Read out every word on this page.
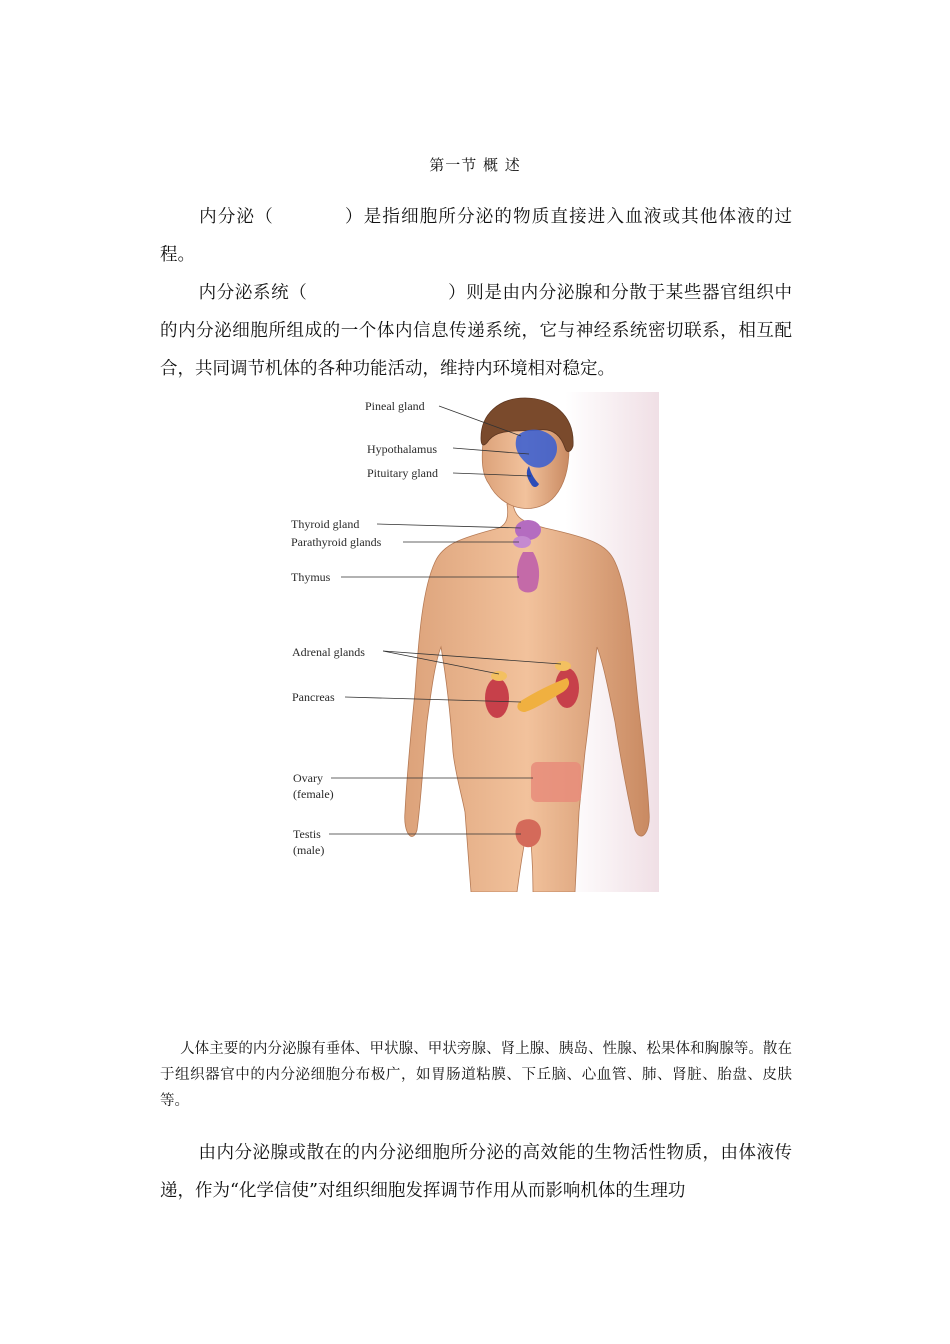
第一节 概 述
内分泌（	）是指细胞所分泌的物质直接进入血液或其他体液的过程。
内分泌系统（	）则是由内分泌腺和分散于某些器官组织中的内分泌细胞所组成的一个体内信息传递系统，它与神经系统密切联系，相互配合，共同调节机体的各种功能活动，维持内环境相对稳定。
Pineal gland
Hypothalamus
Pituitary gland
Thyroid gland
Parathyroid glands
Thymus
Adrenal glands
Pancreas
Ovary
(female)
Testis
(male)
人体主要的内分泌腺有垂体、甲状腺、甲状旁腺、肾上腺、胰岛、性腺、松果体和胸腺等。散在于组织器官中的内分泌细胞分布极广，如胃肠道粘膜、下丘脑、心血管、肺、肾脏、胎盘、皮肤等。
由内分泌腺或散在的内分泌细胞所分泌的高效能的生物活性物质，由体液传递，作为“化学信使”对组织细胞发挥调节作用从而影响机体的生理功
